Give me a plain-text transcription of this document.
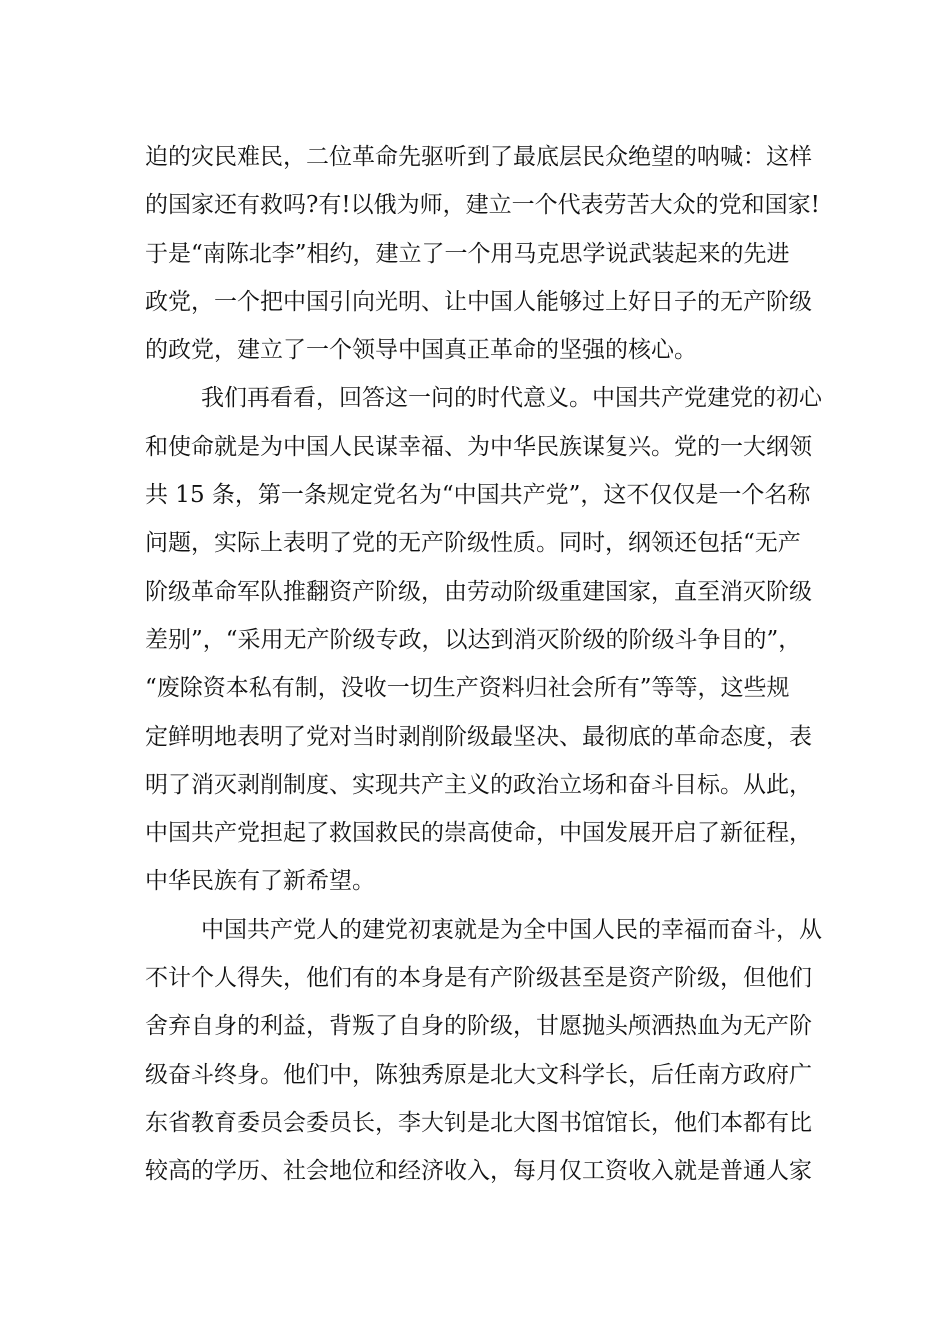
迫的灾民难民，二位革命先驱听到了最底层民众绝望的呐喊：这样
的国家还有救吗?有!以俄为师，建立一个代表劳苦大众的党和国家!
于是“南陈北李”相约，建立了一个用马克思学说武装起来的先进
政党，一个把中国引向光明、让中国人能够过上好日子的无产阶级
的政党，建立了一个领导中国真正革命的坚强的核心。
我们再看看，回答这一问的时代意义。中国共产党建党的初心
和使命就是为中国人民谋幸福、为中华民族谋复兴。党的一大纲领
共 15 条，第一条规定党名为“中国共产党”，这不仅仅是一个名称
问题，实际上表明了党的无产阶级性质。同时，纲领还包括“无产
阶级革命军队推翻资产阶级，由劳动阶级重建国家，直至消灭阶级
差别”，“采用无产阶级专政，以达到消灭阶级的阶级斗争目的”，
“废除资本私有制，没收一切生产资料归社会所有”等等，这些规
定鲜明地表明了党对当时剥削阶级最坚决、最彻底的革命态度，表
明了消灭剥削制度、实现共产主义的政治立场和奋斗目标。从此，
中国共产党担起了救国救民的崇高使命，中国发展开启了新征程，
中华民族有了新希望。
中国共产党人的建党初衷就是为全中国人民的幸福而奋斗，从
不计个人得失，他们有的本身是有产阶级甚至是资产阶级，但他们
舍弃自身的利益，背叛了自身的阶级，甘愿抛头颅洒热血为无产阶
级奋斗终身。他们中，陈独秀原是北大文科学长，后任南方政府广
东省教育委员会委员长，李大钊是北大图书馆馆长，他们本都有比
较高的学历、社会地位和经济收入，每月仅工资收入就是普通人家
